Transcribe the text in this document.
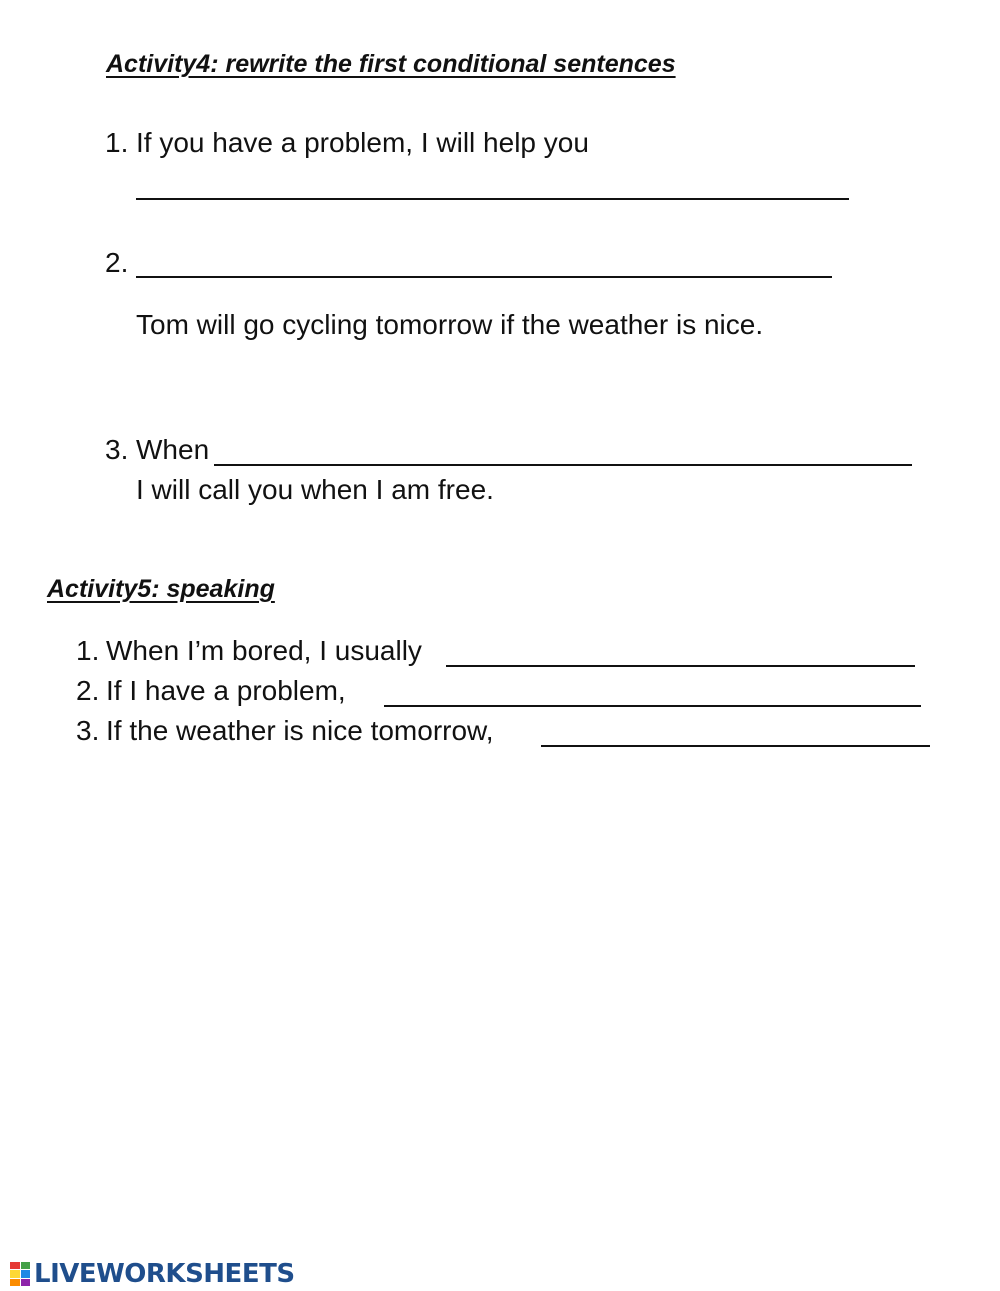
Activity4: rewrite the first conditional sentences
1. If you have a problem, I will help you
2.
Tom will go cycling tomorrow if the weather is nice.
3. When
I will call you when I am free.
Activity5: speaking
1. When I’m bored, I usually
2. If I have a problem,
3. If the weather is nice tomorrow,
LIVEWORKSHEETS
